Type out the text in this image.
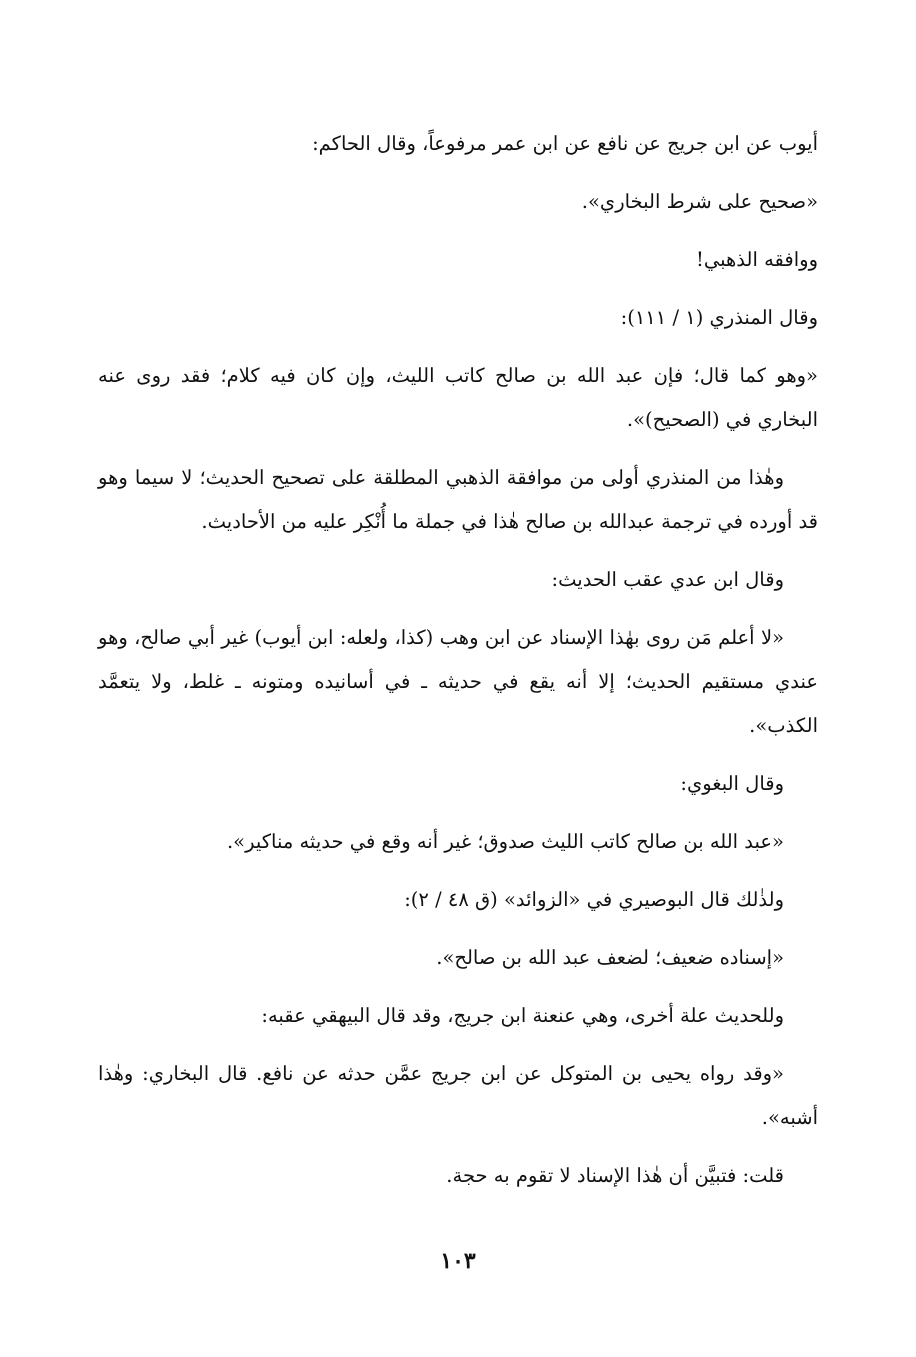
أيوب عن ابن جريج عن نافع عن ابن عمر مرفوعاً، وقال الحاكم:

«صحيح على شرط البخاري».

ووافقه الذهبي!

وقال المنذري (١ / ١١١):

«وهو كما قال؛ فإن عبد الله بن صالح كاتب الليث، وإن كان فيه كلام؛ فقد روى عنه البخاري في (الصحيح)».

وهٰذا من المنذري أولى من موافقة الذهبي المطلقة على تصحيح الحديث؛ لا سيما وهو قد أورده في ترجمة عبدالله بن صالح هٰذا في جملة ما أُنْكِر عليه من الأحاديث.

وقال ابن عدي عقب الحديث:

«لا أعلم مَن روى بهٰذا الإسناد عن ابن وهب (كذا، ولعله: ابن أيوب) غير أبي صالح، وهو عندي مستقيم الحديث؛ إلا أنه يقع في حديثه ـ في أسانيده ومتونه ـ غلط، ولا يتعمَّد الكذب».

وقال البغوي:

«عبد الله بن صالح كاتب الليث صدوق؛ غير أنه وقع في حديثه مناكير».

ولذٰلك قال البوصيري في «الزوائد» (ق ٤٨ / ٢):

«إسناده ضعيف؛ لضعف عبد الله بن صالح».

وللحديث علة أخرى، وهي عنعنة ابن جريج، وقد قال البيهقي عقبه:

«وقد رواه يحيى بن المتوكل عن ابن جريج عمَّن حدثه عن نافع. قال البخاري: وهٰذا أشبه».

قلت: فتبيَّن أن هٰذا الإسناد لا تقوم به حجة.

١٠٣
